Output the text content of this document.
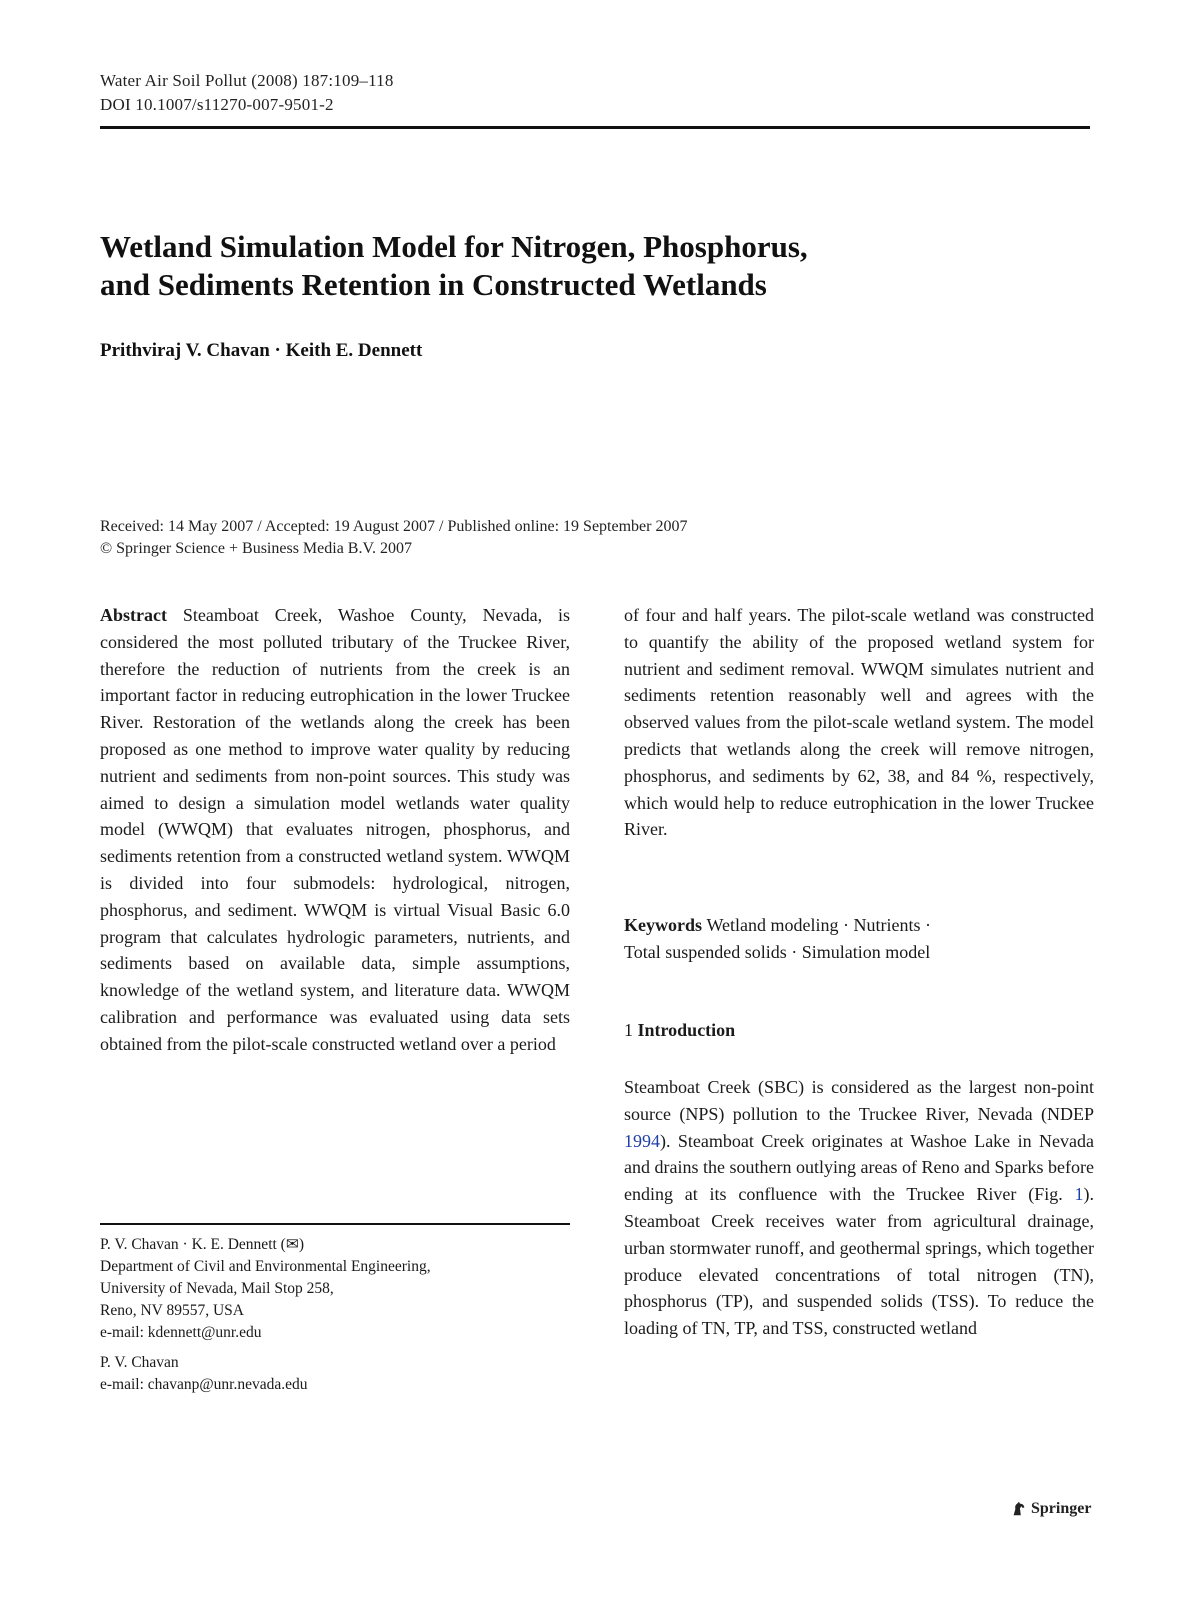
Water Air Soil Pollut (2008) 187:109–118
DOI 10.1007/s11270-007-9501-2
Wetland Simulation Model for Nitrogen, Phosphorus,
and Sediments Retention in Constructed Wetlands
Prithviraj V. Chavan · Keith E. Dennett
Received: 14 May 2007 / Accepted: 19 August 2007 / Published online: 19 September 2007
© Springer Science + Business Media B.V. 2007
Abstract Steamboat Creek, Washoe County, Nevada, is considered the most polluted tributary of the Truckee River, therefore the reduction of nutrients from the creek is an important factor in reducing eutrophication in the lower Truckee River. Restoration of the wetlands along the creek has been proposed as one method to improve water quality by reducing nutrient and sediments from non-point sources. This study was aimed to design a simulation model wetlands water quality model (WWQM) that evaluates nitrogen, phosphorus, and sediments retention from a constructed wetland system. WWQM is divided into four submodels: hydrological, nitrogen, phosphorus, and sediment. WWQM is virtual Visual Basic 6.0 program that calculates hydrologic parameters, nutrients, and sediments based on available data, simple assumptions, knowledge of the wetland system, and literature data. WWQM calibration and performance was evaluated using data sets obtained from the pilot-scale constructed wetland over a period
of four and half years. The pilot-scale wetland was constructed to quantify the ability of the proposed wetland system for nutrient and sediment removal. WWQM simulates nutrient and sediments retention reasonably well and agrees with the observed values from the pilot-scale wetland system. The model predicts that wetlands along the creek will remove nitrogen, phosphorus, and sediments by 62, 38, and 84 %, respectively, which would help to reduce eutrophication in the lower Truckee River.
Keywords Wetland modeling · Nutrients ·
Total suspended solids · Simulation model
1 Introduction
Steamboat Creek (SBC) is considered as the largest non-point source (NPS) pollution to the Truckee River, Nevada (NDEP 1994). Steamboat Creek originates at Washoe Lake in Nevada and drains the southern outlying areas of Reno and Sparks before ending at its confluence with the Truckee River (Fig. 1). Steamboat Creek receives water from agricultural drainage, urban stormwater runoff, and geothermal springs, which together produce elevated concentrations of total nitrogen (TN), phosphorus (TP), and suspended solids (TSS). To reduce the loading of TN, TP, and TSS, constructed wetland
P. V. Chavan · K. E. Dennett (✉)
Department of Civil and Environmental Engineering,
University of Nevada, Mail Stop 258,
Reno, NV 89557, USA
e-mail: kdennett@unr.edu
P. V. Chavan
e-mail: chavanp@unr.nevada.edu
Springer
